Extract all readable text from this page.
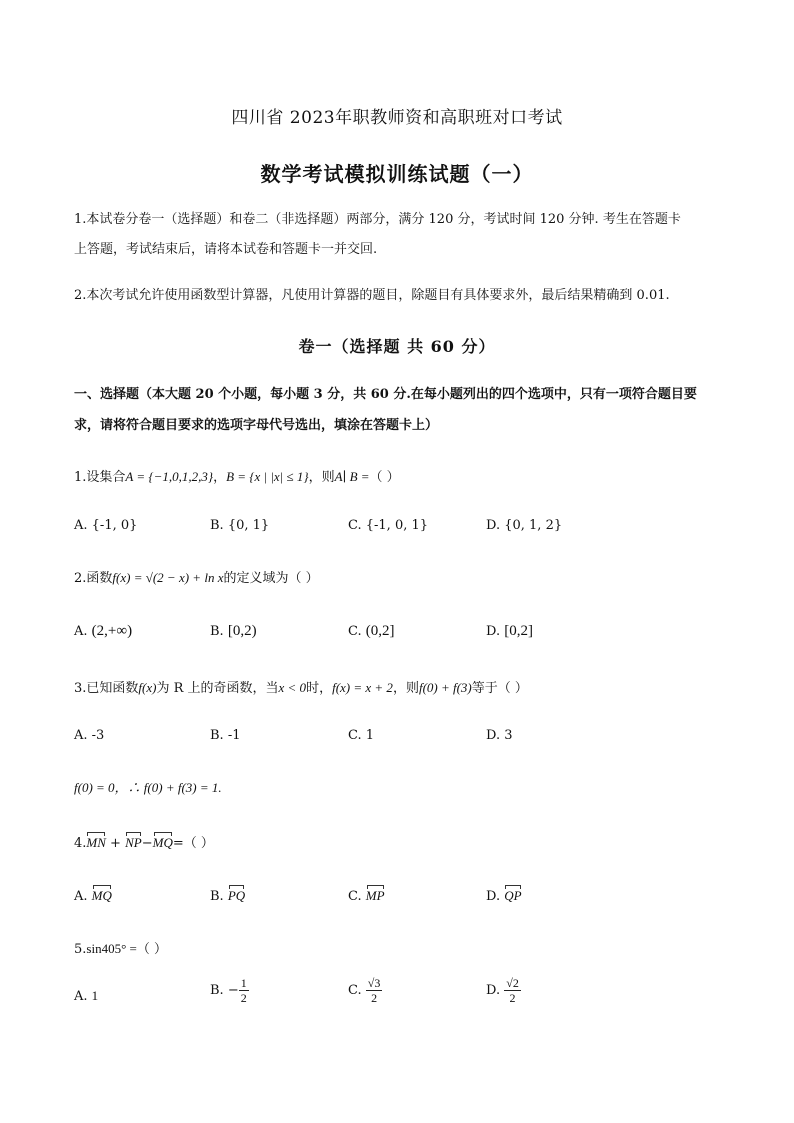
四川省 2023年职教师资和高职班对口考试
数学考试模拟训练试题（一）
1.本试卷分卷一（选择题）和卷二（非选择题）两部分，满分 120 分，考试时间 120 分钟. 考生在答题卡
上答题，考试结束后，请将本试卷和答题卡一并交回.
2.本次考试允许使用函数型计算器，凡使用计算器的题目，除题目有具体要求外，最后结果精确到 0.01.
卷一（选择题 共 60 分）
一、选择题（本大题 20 个小题，每小题 3 分，共 60 分.在每小题列出的四个选项中，只有一项符合题目要
求，请将符合题目要求的选项字母代号选出，填涂在答题卡上）
1.设集合A = {−1,0,1,2,3}，B = {x | |x| ≤ 1}，则A∣ B =（ ）
A. {-1, 0}	B. {0, 1}	C. {-1, 0, 1}	D. {0, 1, 2}
2.函数f(x) = √(2 − x) + ln x的定义域为（ ）
A. (2,+∞)	B. [0,2)	C. (0,2]	D. [0,2]
3.已知函数f(x)为 R 上的奇函数，当x < 0时，f(x) = x + 2，则f(0) + f(3)等于（ ）
A. -3	B. -1	C. 1	D. 3
f(0) = 0，∴ f(0) + f(3) = 1.
4.MN + NP−MQ=（ ）
A. MQ	B. PQ	C. MP	D. QP
5.sin405° =（ ）
A. 1	B. − $\frac{1}{2}$	C. $\frac{√3}{2}$	D. $\frac{√2}{2}$
